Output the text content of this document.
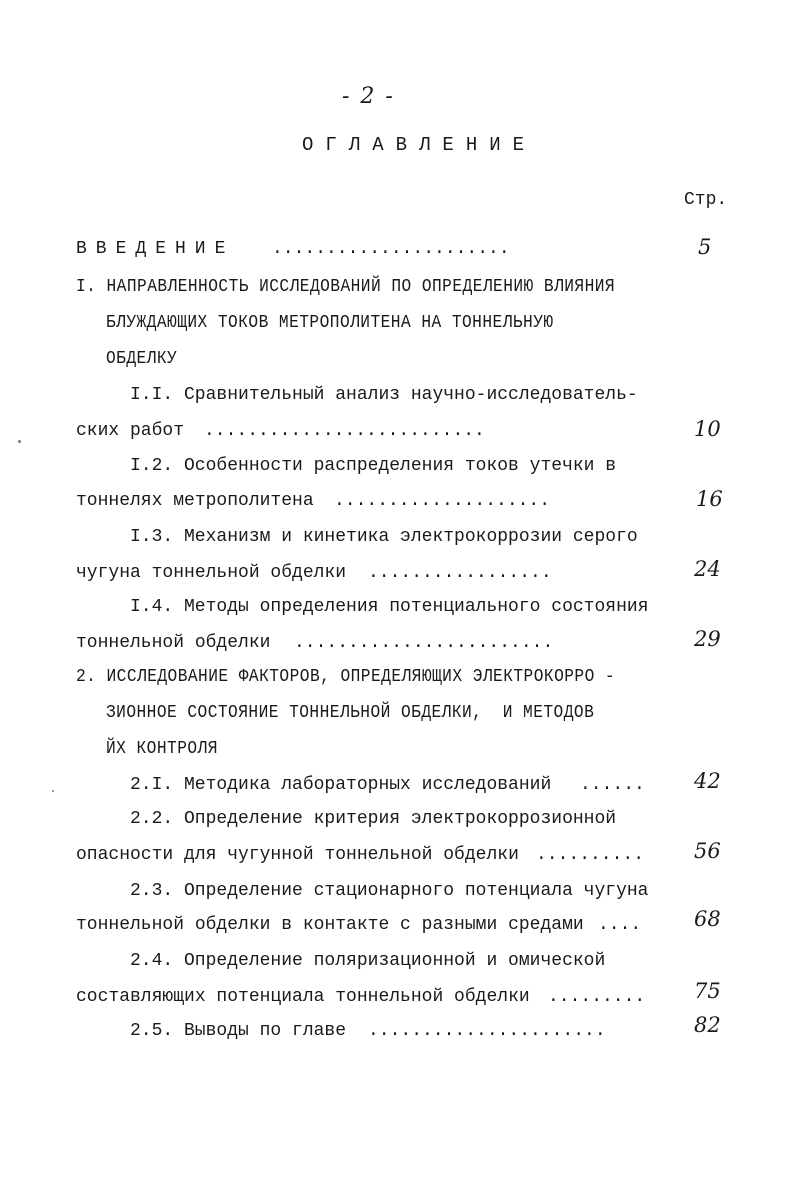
- 2 -
ОГЛАВЛЕНИЕ
Стр.
ВВЕДЕНИЕ ......................	5
I. НАПРАВЛЕННОСТЬ ИССЛЕДОВАНИЙ ПО ОПРЕДЕЛЕНИЮ ВЛИЯНИЯ
БЛУЖДАЮЩИХ ТОКОВ МЕТРОПОЛИТЕНА НА ТОННЕЛЬНУЮ
ОБДЕЛКУ
I.I. Сравнительный анализ научно-исследователь-
ских работ ..........................	10
I.2. Особенности распределения токов утечки в
тоннелях метрополитена ....................	16
I.3. Механизм и кинетика электрокоррозии серого
чугуна тоннельной обделки .................	24
I.4. Методы определения потенциального состояния
тоннельной обделки ........................	29
2. ИССЛЕДОВАНИЕ ФАКТОРОВ, ОПРЕДЕЛЯЮЩИХ ЭЛЕКТРОКОРРО -
ЗИОННОЕ СОСТОЯНИЕ ТОННЕЛЬНОЙ ОБДЕЛКИ,  И МЕТОДОВ
ЙХ КОНТРОЛЯ
2.I. Методика лабораторных исследований ...... 42
2.2. Определение критерия электрокоррозионной
опасности для чугунной тоннельной обделки .......... 56
2.3. Определение стационарного потенциала чугуна
тоннельной обделки в контакте с разными средами ....	68
2.4. Определение поляризационной и омической
составляющих потенциала тоннельной обделки ......... 75
2.5. Выводы по главе ......................	82
